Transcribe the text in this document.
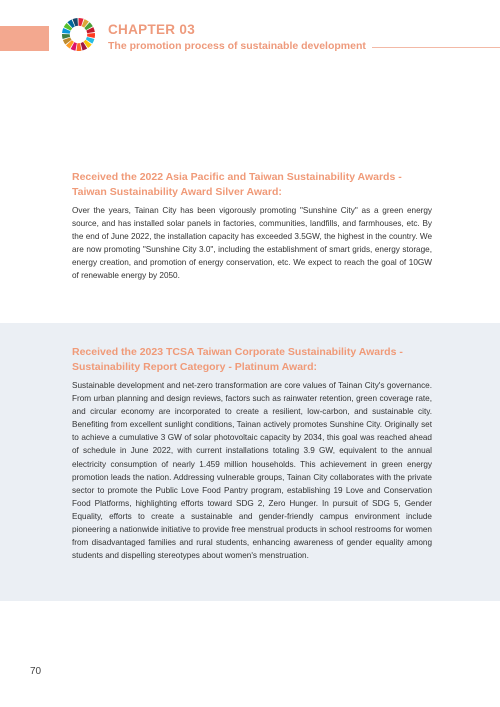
CHAPTER 03
The promotion process of sustainable development
Received the 2022 Asia Pacific and Taiwan Sustainability Awards - Taiwan Sustainability Award Silver Award:

Over the years, Tainan City has been vigorously promoting "Sunshine City" as a green energy source, and has installed solar panels in factories, communities, landfills, and farmhouses, etc. By the end of June 2022, the installation capacity has exceeded 3.5GW, the highest in the country. We are now promoting "Sunshine City 3.0", including the establishment of smart grids, energy storage, energy creation, and promotion of energy conservation, etc. We expect to reach the goal of 10GW of renewable energy by 2050.

Received the 2023 TCSA Taiwan Corporate Sustainability Awards - Sustainability Report Category - Platinum Award:

Sustainable development and net-zero transformation are core values of Tainan City's governance. From urban planning and design reviews, factors such as rainwater retention, green coverage rate, and circular economy are incorporated to create a resilient, low-carbon, and sustainable city. Benefiting from excellent sunlight conditions, Tainan actively promotes Sunshine City. Originally set to achieve a cumulative 3 GW of solar photovoltaic capacity by 2034, this goal was reached ahead of schedule in June 2022, with current installations totaling 3.9 GW, equivalent to the annual electricity consumption of nearly 1.459 million households. This achievement in green energy promotion leads the nation. Addressing vulnerable groups, Tainan City collaborates with the private sector to promote the Public Love Food Pantry program, establishing 19 Love and Conservation Food Platforms, highlighting efforts toward SDG 2, Zero Hunger. In pursuit of SDG 5, Gender Equality, efforts to create a sustainable and gender-friendly campus environment include pioneering a nationwide initiative to provide free menstrual products in school restrooms for women from disadvantaged families and rural students, enhancing awareness of gender equality among students and dispelling stereotypes about women's menstruation.

70
